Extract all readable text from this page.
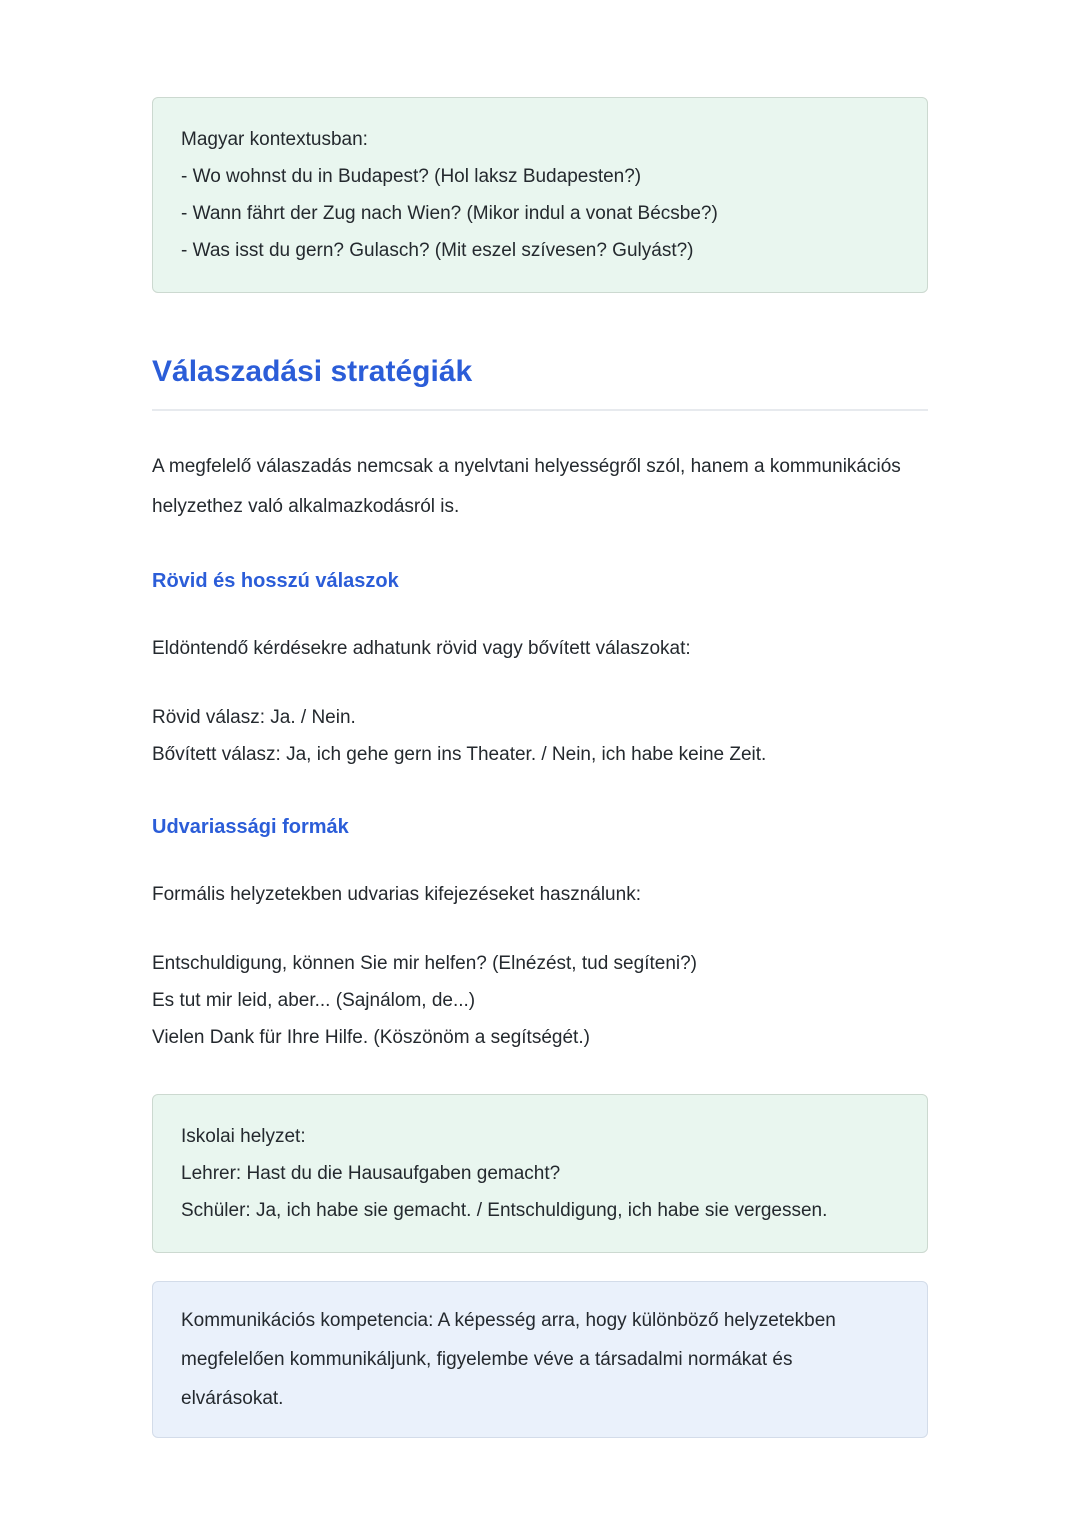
Magyar kontextusban:

- Wo wohnst du in Budapest? (Hol laksz Budapesten?)

- Wann fährt der Zug nach Wien? (Mikor indul a vonat Bécsbe?)

- Was isst du gern? Gulasch? (Mit eszel szívesen? Gulyást?)

Válaszadási stratégiák

A megfelelő válaszadás nemcsak a nyelvtani helyességről szól, hanem a kommunikációs helyzethez való alkalmazkodásról is.

Rövid és hosszú válaszok

Eldöntendő kérdésekre adhatunk rövid vagy bővített válaszokat:

Rövid válasz: Ja. / Nein.
Bővített válasz: Ja, ich gehe gern ins Theater. / Nein, ich habe keine Zeit.

Udvariassági formák

Formális helyzetekben udvarias kifejezéseket használunk:

Entschuldigung, können Sie mir helfen? (Elnézést, tud segíteni?)
Es tut mir leid, aber... (Sajnálom, de...)
Vielen Dank für Ihre Hilfe. (Köszönöm a segítségét.)

Iskolai helyzet:

Lehrer: Hast du die Hausaufgaben gemacht?

Schüler: Ja, ich habe sie gemacht. / Entschuldigung, ich habe sie vergessen.

Kommunikációs kompetencia: A képesség arra, hogy különböző helyzetekben megfelelően kommunikáljunk, figyelembe véve a társadalmi normákat és elvárásokat.
